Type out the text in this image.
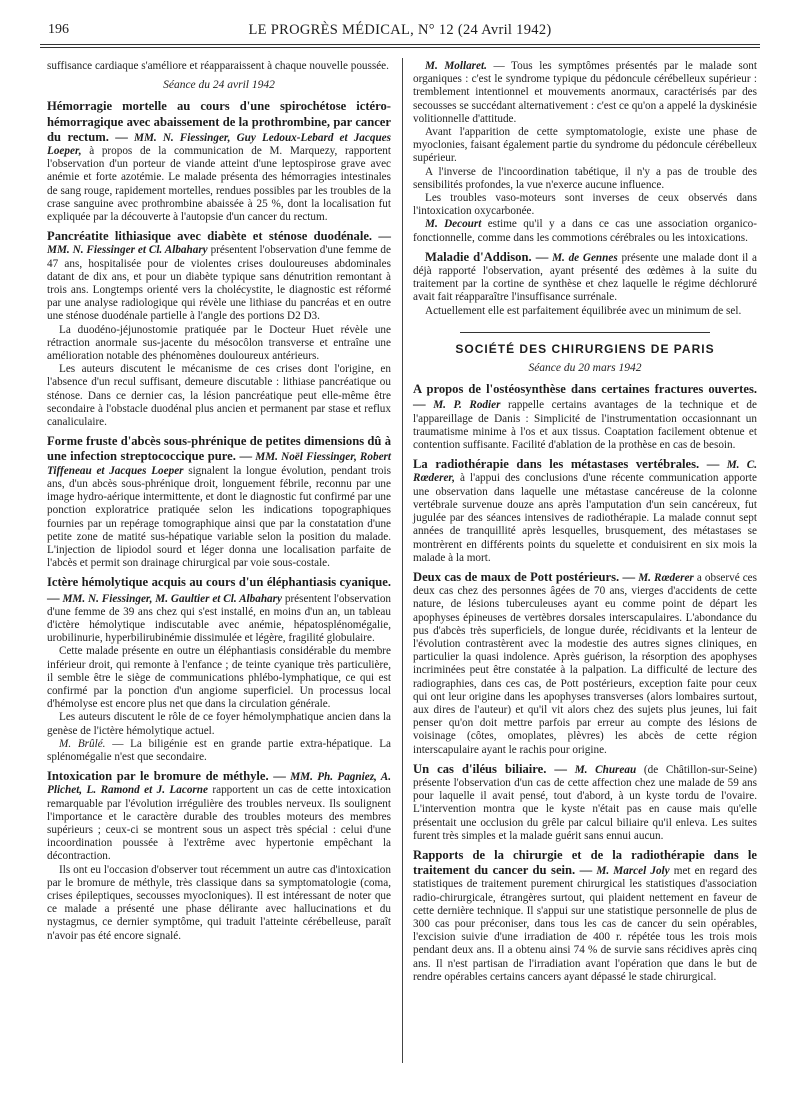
196	LE PROGRÈS MÉDICAL, N° 12 (24 Avril 1942)

suffisance cardiaque s'améliore et réapparaissent à chaque nouvelle poussée.

Séance du 24 avril 1942

Hémorragie mortelle au cours d'une spirochétose ictéro-hémorragique avec abaissement de la prothrombine, par cancer du rectum. — MM. N. Fiessinger, Guy Ledoux-Lebard et Jacques Loeper, à propos de la communication de M. Marquezy, rapportent l'observation d'un porteur de viande atteint d'une leptospirose grave avec anémie et forte azotémie. Le malade présenta des hémorragies intestinales de sang rouge, rapidement mortelles, rendues possibles par les troubles de la crase sanguine avec prothrombine abaissée à 25 %, dont la localisation fut expliquée par la découverte à l'autopsie d'un cancer du rectum.

Pancréatite lithiasique avec diabète et sténose duodénale. — MM. N. Fiessinger et Cl. Albahary présentent l'observation d'une femme de 47 ans, hospitalisée pour de violentes crises douloureuses abdominales datant de dix ans, et pour un diabète typique sans dénutrition remontant à trois ans. Longtemps orienté vers la cholécystite, le diagnostic est réformé par une analyse radiologique qui révèle une lithiase du pancréas et en outre une sténose duodénale partielle à l'angle des portions D2 D3.

La duodéno-jéjunostomie pratiquée par le Docteur Huet révèle une rétraction anormale sus-jacente du mésocôlon transverse et entraîne une amélioration notable des phénomènes douloureux antérieurs.

Les auteurs discutent le mécanisme de ces crises dont l'origine, en l'absence d'un recul suffisant, demeure discutable : lithiase pancréatique ou sténose. Dans ce dernier cas, la lésion pancréatique peut elle-même être secondaire à l'obstacle duodénal plus ancien et permanent par stase et reflux canaliculaire.

Forme fruste d'abcès sous-phrénique de petites dimensions dû à une infection streptococcique pure. — MM. Noël Fiessinger, Robert Tiffeneau et Jacques Loeper signalent la longue évolution, pendant trois ans, d'un abcès sous-phrénique droit, longuement fébrile, reconnu par une image hydro-aérique intermittente, et dont le diagnostic fut confirmé par une ponction exploratrice pratiquée selon les indications topographiques fournies par un repérage tomographique ainsi que par la constatation d'une petite zone de matité sus-hépatique variable selon la position du malade. L'injection de lipiodol sourd et léger donna une localisation parfaite de l'abcès et permit son drainage chirurgical par voie sous-costale.

Ictère hémolytique acquis au cours d'un éléphantiasis cyanique. — MM. N. Fiessinger, M. Gaultier et Cl. Albahary présentent l'observation d'une femme de 39 ans chez qui s'est installé, en moins d'un an, un tableau d'ictère hémolytique indiscutable avec anémie, hépatosplénomégalie, urobilinurie, hyperbilirubinémie dissimulée et légère, fragilité globulaire.

Cette malade présente en outre un éléphantiasis considérable du membre inférieur droit, qui remonte à l'enfance ; de teinte cyanique très particulière, il semble être le siège de communications phlébo-lymphatique, ce qui est confirmé par la ponction d'un angiome superficiel. Un processus local d'hémolyse est encore plus net que dans la circulation générale.

Les auteurs discutent le rôle de ce foyer hémolymphatique ancien dans la genèse de l'ictère hémolytique actuel.

M. Brûlé. — La biligénie est en grande partie extra-hépatique. La splénomégalie n'est que secondaire.

Intoxication par le bromure de méthyle. — MM. Ph. Pagniez, A. Plichet, L. Ramond et J. Lacorne rapportent un cas de cette intoxication remarquable par l'évolution irrégulière des troubles nerveux. Ils soulignent l'importance et le caractère durable des troubles moteurs des membres supérieurs ; ceux-ci se montrent sous un aspect très spécial : celui d'une incoordination poussée à l'extrême avec hypertonie empêchant la décontraction.

Ils ont eu l'occasion d'observer tout récemment un autre cas d'intoxication par le bromure de méthyle, très classique dans sa symptomatologie (coma, crises épileptiques, secousses myocloniques). Il est intéressant de noter que ce malade a présenté une phase délirante avec hallucinations et du nystagmus, ce dernier symptôme, qui traduit l'atteinte cérébelleuse, paraît n'avoir pas été encore signalé.

M. Mollaret. — Tous les symptômes présentés par le malade sont organiques : c'est le syndrome typique du pédoncule cérébelleux supérieur : tremblement intentionnel et mouvements anormaux, caractérisés par des secousses se succédant alternativement : c'est ce qu'on a appelé la dyskinésie volitionnelle d'attitude.

Avant l'apparition de cette symptomatologie, existe une phase de myoclonies, faisant également partie du syndrome du pédoncule cérébelleux supérieur.

A l'inverse de l'incoordination tabétique, il n'y a pas de trouble des sensibilités profondes, la vue n'exerce aucune influence.

Les troubles vaso-moteurs sont inverses de ceux observés dans l'intoxication oxycarbonée.

M. Decourt estime qu'il y a dans ce cas une association organico-fonctionnelle, comme dans les commotions cérébrales ou les intoxications.

Maladie d'Addison. — M. de Gennes présente une malade dont il a déjà rapporté l'observation, ayant présenté des œdèmes à la suite du traitement par la cortine de synthèse et chez laquelle le régime déchloruré avait fait réapparaître l'insuffisance surrénale.

Actuellement elle est parfaitement équilibrée avec un minimum de sel.

SOCIÉTÉ DES CHIRURGIENS DE PARIS
Séance du 20 mars 1942

A propos de l'ostéosynthèse dans certaines fractures ouvertes. — M. P. Rodier rappelle certains avantages de la technique et de l'appareillage de Danis : Simplicité de l'instrumentation occasionnant un traumatisme minime à l'os et aux tissus. Coaptation facilement obtenue et contention suffisante. Facilité d'ablation de la prothèse en cas de besoin.

La radiothérapie dans les métastases vertébrales. — M. C. Rœderer, à l'appui des conclusions d'une récente communication apporte une observation dans laquelle une métastase cancéreuse de la colonne vertébrale survenue douze ans après l'amputation d'un sein cancéreux, fut jugulée par des séances intensives de radiothérapie. La malade connut sept années de tranquillité après lesquelles, brusquement, des métastases se montrèrent en différents points du squelette et conduisirent en six mois la malade à la mort.

Deux cas de maux de Pott postérieurs. — M. Rœderer a observé ces deux cas chez des personnes âgées de 70 ans, vierges d'accidents de cette nature, de lésions tuberculeuses ayant eu comme point de départ les apophyses épineuses de vertèbres dorsales interscapulaires. L'abondance du pus d'abcès très superficiels, de longue durée, récidivants et la lenteur de l'évolution contrastèrent avec la modestie des autres signes cliniques, en particulier la quasi indolence. Après guérison, la résorption des apophyses incriminées peut être constatée à la palpation. La difficulté de lecture des radiographies, dans ces cas, de Pott postérieurs, exception faite pour ceux qui ont leur origine dans les apophyses transverses (alors lombaires surtout, aux dires de l'auteur) et qu'il vit alors chez des sujets plus jeunes, lui fait penser qu'on doit mettre parfois par erreur au compte des lésions de voisinage (côtes, omoplates, plèvres) les abcès de cette région interscapulaire ayant le rachis pour origine.

Un cas d'iléus biliaire. — M. Chureau (de Châtillon-sur-Seine) présente l'observation d'un cas de cette affection chez une malade de 59 ans pour laquelle il avait pensé, tout d'abord, à un kyste tordu de l'ovaire. L'intervention montra que le kyste n'était pas en cause mais qu'elle présentait une occlusion du grêle par calcul biliaire qu'il enleva. Les suites furent très simples et la malade guérit sans ennui aucun.

Rapports de la chirurgie et de la radiothérapie dans le traitement du cancer du sein. — M. Marcel Joly met en regard des statistiques de traitement purement chirurgical les statistiques d'association radio-chirurgicale, étrangères surtout, qui plaident nettement en faveur de cette dernière technique. Il s'appui sur une statistique personnelle de plus de 300 cas pour préconiser, dans tous les cas de cancer du sein opérables, l'excision suivie d'une irradiation de 400 r. répétée tous les trois mois pendant deux ans. Il a obtenu ainsi 74 % de survie sans récidives après cinq ans. Il n'est partisan de l'irradiation avant l'opération que dans le but de rendre opérables certains cancers ayant dépassé le stade chirurgical.
